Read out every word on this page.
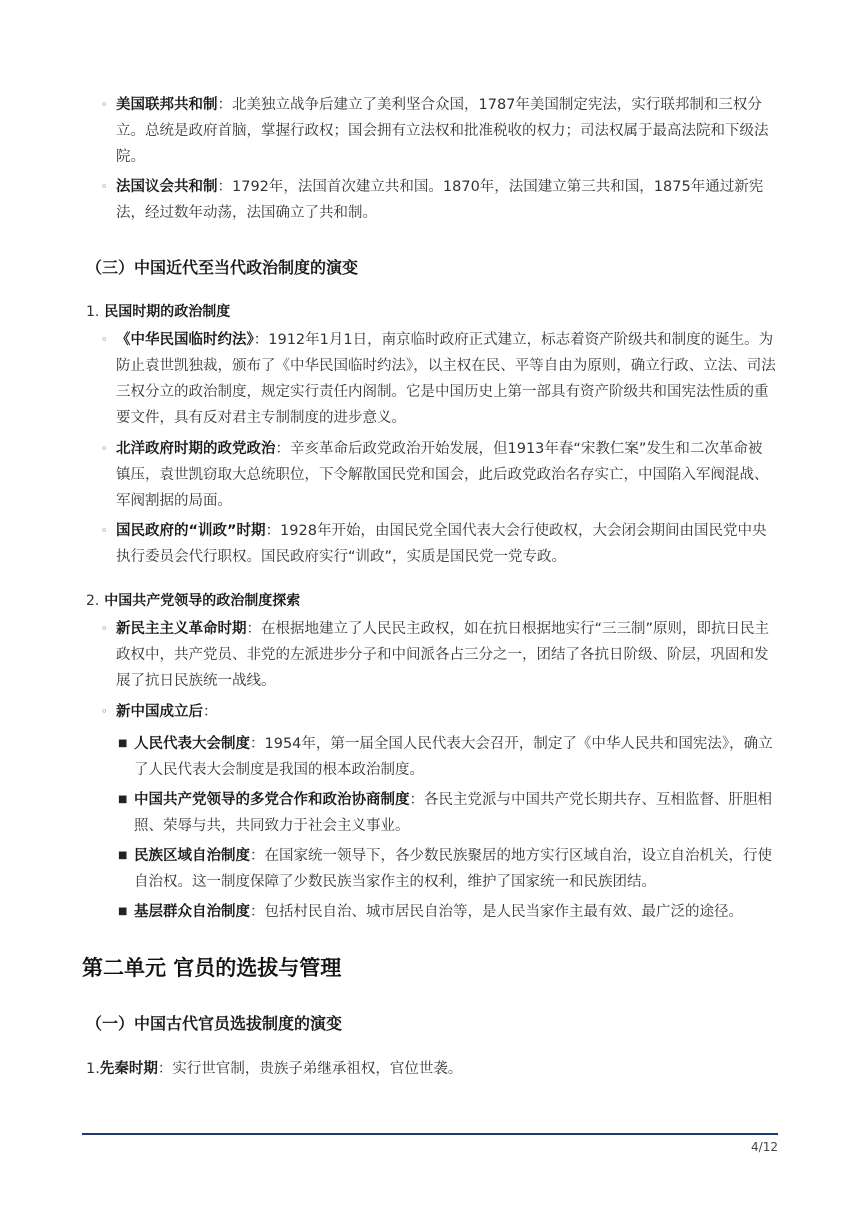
◦ 美国联邦共和制：北美独立战争后建立了美利坚合众国，1787年美国制定宪法，实行联邦制和三权分立。总统是政府首脑，掌握行政权；国会拥有立法权和批准税收的权力；司法权属于最高法院和下级法院。
◦ 法国议会共和制：1792年，法国首次建立共和国。1870年，法国建立第三共和国，1875年通过新宪法，经过数年动荡，法国确立了共和制。
（三）中国近代至当代政治制度的演变
1. 民国时期的政治制度
◦ 《中华民国临时约法》：1912年1月1日，南京临时政府正式建立，标志着资产阶级共和制度的诞生。为防止袁世凯独裁，颁布了《中华民国临时约法》，以主权在民、平等自由为原则，确立行政、立法、司法三权分立的政治制度，规定实行责任内阁制。它是中国历史上第一部具有资产阶级共和国宪法性质的重要文件，具有反对君主专制制度的进步意义。
◦ 北洋政府时期的政党政治：辛亥革命后政党政治开始发展，但1913年春“宋教仁案”发生和二次革命被镇压，袁世凯窃取大总统职位，下令解散国民党和国会，此后政党政治名存实亡，中国陷入军阀混战、军阀割据的局面。
◦ 国民政府的“训政”时期：1928年开始，由国民党全国代表大会行使政权，大会闭会期间由国民党中央执行委员会代行职权。国民政府实行“训政”，实质是国民党一党专政。
2. 中国共产党领导的政治制度探索
◦ 新民主主义革命时期：在根据地建立了人民民主政权，如在抗日根据地实行“三三制”原则，即抗日民主政权中，共产党员、非党的左派进步分子和中间派各占三分之一，团结了各抗日阶级、阶层，巩固和发展了抗日民族统一战线。
◦ 新中国成立后：
■ 人民代表大会制度：1954年，第一届全国人民代表大会召开，制定了《中华人民共和国宪法》，确立了人民代表大会制度是我国的根本政治制度。
■ 中国共产党领导的多党合作和政治协商制度：各民主党派与中国共产党长期共存、互相监督、肝胆相照、荣辱与共，共同致力于社会主义事业。
■ 民族区域自治制度：在国家统一领导下，各少数民族聚居的地方实行区域自治，设立自治机关，行使自治权。这一制度保障了少数民族当家作主的权利，维护了国家统一和民族团结。
■ 基层群众自治制度：包括村民自治、城市居民自治等，是人民当家作主最有效、最广泛的途径。
第二单元 官员的选拔与管理
（一）中国古代官员选拔制度的演变
1.先秦时期：实行世官制，贵族子弟继承祖权，官位世袭。
4/12
